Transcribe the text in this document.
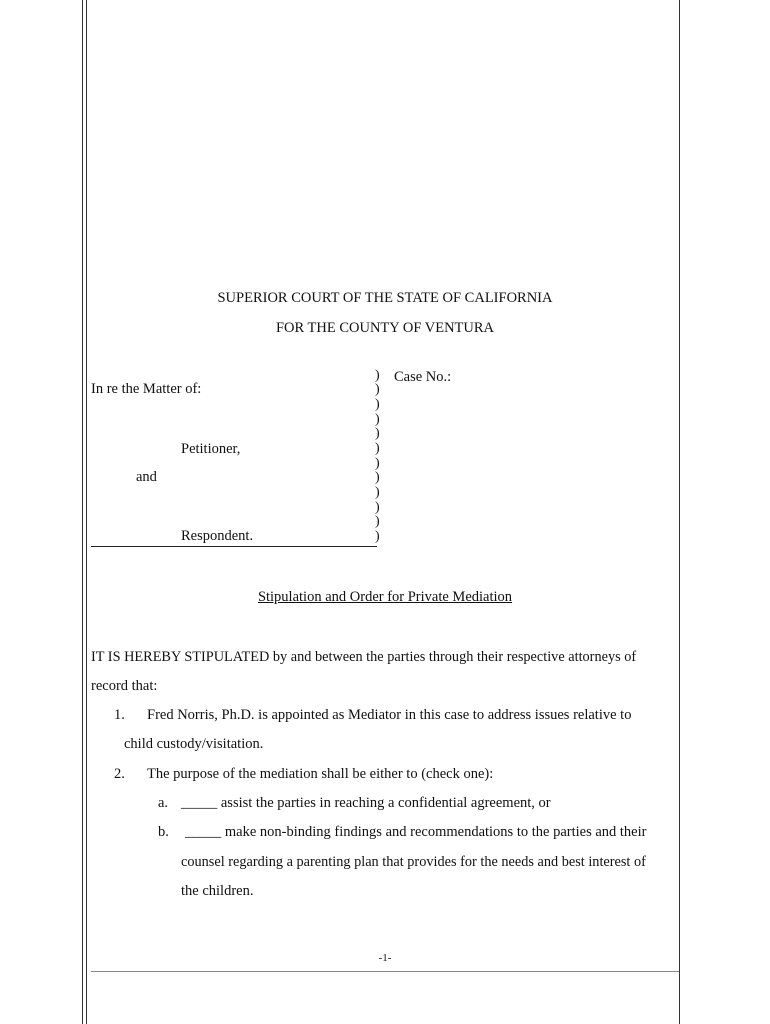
SUPERIOR COURT OF THE STATE OF CALIFORNIA
FOR THE COUNTY OF VENTURA
In re the Matter of:
Case No.:
Petitioner,
and
Respondent.
)
)
)
)
)
)
)
)
)
)
)
)
Stipulation and Order for Private Mediation
IT IS HEREBY STIPULATED by and between the parties through their respective attorneys of
record that:
1. Fred Norris, Ph.D. is appointed as Mediator in this case to address issues relative to
child custody/visitation.
2. The purpose of the mediation shall be either to (check one):
a. _____ assist the parties in reaching a confidential agreement, or
b. _____ make non-binding findings and recommendations to the parties and their
counsel regarding a parenting plan that provides for the needs and best interest of
the children.
-1-
